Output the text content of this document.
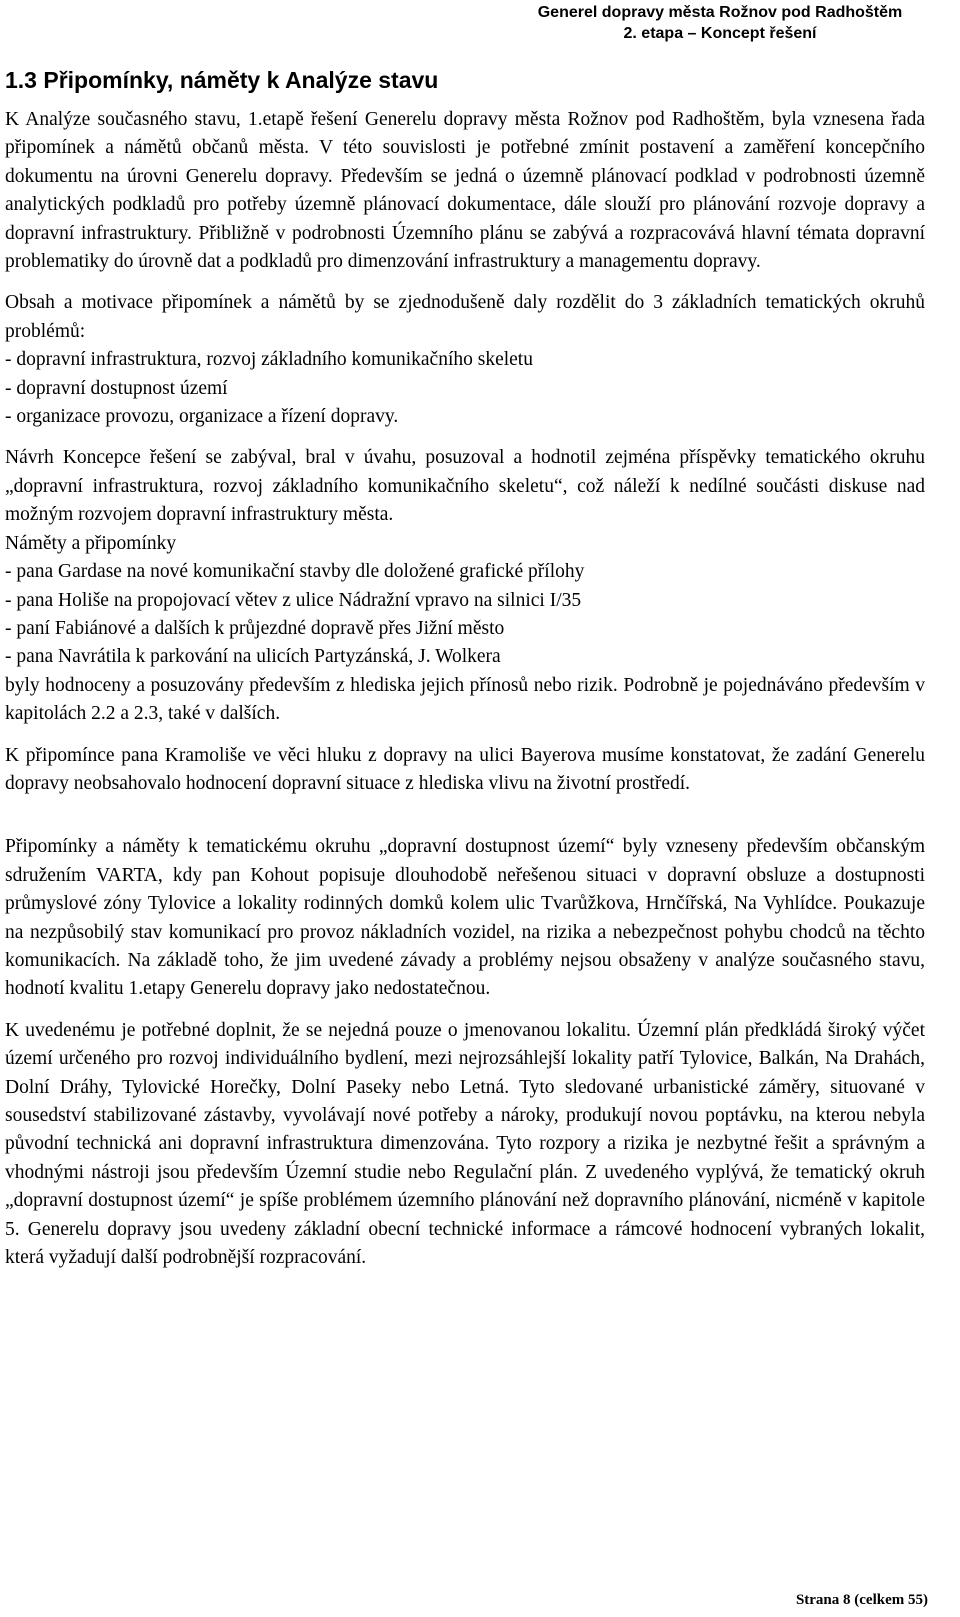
Generel dopravy města Rožnov pod Radhoštěm
2. etapa – Koncept řešení
1.3 Připomínky, náměty k Analýze stavu

K Analýze současného stavu, 1.etapě řešení Generelu dopravy města Rožnov pod Radhoštěm, byla vznesena řada připomínek a námětů občanů města. V této souvislosti je potřebné zmínit postavení a zaměření koncepčního dokumentu na úrovni Generelu dopravy. Především se jedná o územně plánovací podklad v podrobnosti územně analytických podkladů pro potřeby územně plánovací dokumentace, dále slouží pro plánování rozvoje dopravy a dopravní infrastruktury. Přibližně v podrobnosti Územního plánu se zabývá a rozpracovává hlavní témata dopravní problematiky do úrovně dat a podkladů pro dimenzování infrastruktury a managementu dopravy.

Obsah a motivace připomínek a námětů by se zjednodušeně daly rozdělit do 3 základních tematických okruhů problémů:
- dopravní infrastruktura, rozvoj základního komunikačního skeletu
- dopravní dostupnost území
- organizace provozu, organizace a řízení dopravy.

Návrh Koncepce řešení se zabýval, bral v úvahu, posuzoval a hodnotil zejména příspěvky tematického okruhu „dopravní infrastruktura, rozvoj základního komunikačního skeletu“, což náleží k nedílné součásti diskuse nad možným rozvojem dopravní infrastruktury města.
Náměty a připomínky
- pana Gardase na nové komunikační stavby dle doložené grafické přílohy
- pana Holiše na propojovací větev z ulice Nádražní vpravo na silnici I/35
- paní Fabiánové a dalších k průjezdné dopravě přes Jižní město
- pana Navrátila k parkování na ulicích Partyzánská, J. Wolkera
byly hodnoceny a posuzovány především z hlediska jejich přínosů nebo rizik. Podrobně je pojednáváno především v kapitolách 2.2 a 2.3, také v dalších.

K připomínce pana Kramoliše ve věci hluku z dopravy na ulici Bayerova musíme konstatovat, že zadání Generelu dopravy neobsahovalo hodnocení dopravní situace z hlediska vlivu na životní prostředí.

Připomínky a náměty k tematickému okruhu „dopravní dostupnost území“ byly vzneseny především občanským sdružením VARTA, kdy pan Kohout popisuje dlouhodobě neřešenou situaci v dopravní obsluze a dostupnosti průmyslové zóny Tylovice a lokality rodinných domků kolem ulic Tvarůžkova, Hrnčířská, Na Vyhlídce. Poukazuje na nezpůsobilý stav komunikací pro provoz nákladních vozidel, na rizika a nebezpečnost pohybu chodců na těchto komunikacích. Na základě toho, že jim uvedené závady a problémy nejsou obsaženy v analýze současného stavu, hodnotí kvalitu 1.etapy Generelu dopravy jako nedostatečnou.

K uvedenému je potřebné doplnit, že se nejedná pouze o jmenovanou lokalitu. Územní plán předkládá široký výčet území určeného pro rozvoj individuálního bydlení, mezi nejrozsáhlejší lokality patří Tylovice, Balkán, Na Drahách, Dolní Dráhy, Tylovické Horečky, Dolní Paseky nebo Letná. Tyto sledované urbanistické záměry, situované v sousedství stabilizované zástavby, vyvolávají nové potřeby a nároky, produkují novou poptávku, na kterou nebyla původní technická ani dopravní infrastruktura dimenzována. Tyto rozpory a rizika je nezbytné řešit a správným a vhodnými nástroji jsou především Územní studie nebo Regulační plán. Z uvedeného vyplývá, že tematický okruh „dopravní dostupnost území“ je spíše problémem územního plánování než dopravního plánování, nicméně v kapitole 5. Generelu dopravy jsou uvedeny základní obecní technické informace a rámcové hodnocení vybraných lokalit, která vyžadují další podrobnější rozpracování.

Strana 8 (celkem 55)
